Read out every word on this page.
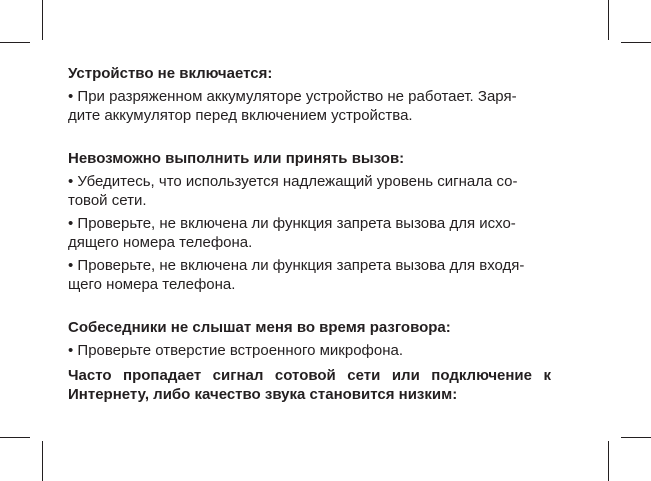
Устройство не включается:

• При разряженном аккумуляторе устройство не работает. Заря-
дите аккумулятор перед включением устройства.

Невозможно выполнить или принять вызов:

• Убедитесь, что используется надлежащий уровень сигнала со-
товой сети.

• Проверьте, не включена ли функция запрета вызова для исхо-
дящего номера телефона.

• Проверьте, не включена ли функция запрета вызова для входя-
щего номера телефона.

Собеседники не слышат меня во время разговора:

• Проверьте отверстие встроенного микрофона.

Часто пропадает сигнал сотовой сети или подключение к Интернету, либо качество звука становится низким:
